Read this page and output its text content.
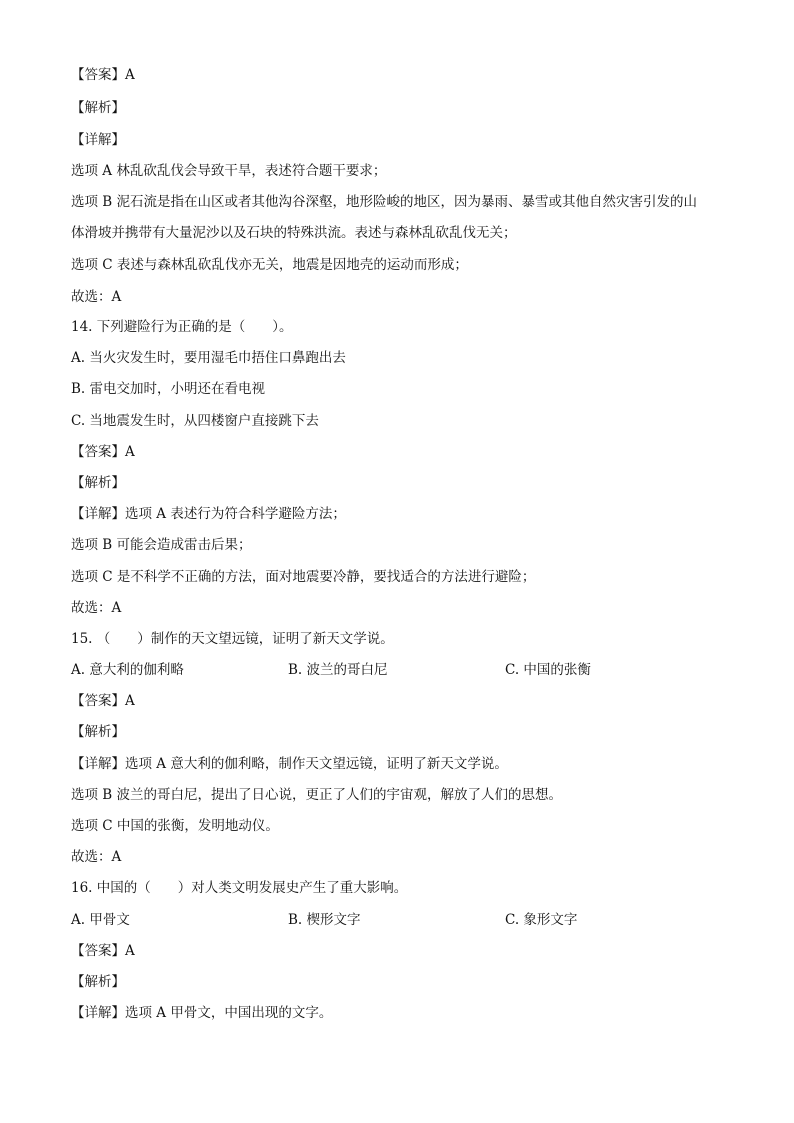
【答案】A
【解析】
【详解】
选项 A 林乱砍乱伐会导致干旱，表述符合题干要求；
选项 B 泥石流是指在山区或者其他沟谷深壑，地形险峻的地区，因为暴雨、暴雪或其他自然灾害引发的山
体滑坡并携带有大量泥沙以及石块的特殊洪流。表述与森林乱砍乱伐无关；
选项 C 表述与森林乱砍乱伐亦无关，地震是因地壳的运动而形成；
故选：A
14. 下列避险行为正确的是（　　）。
A. 当火灾发生时，要用湿毛巾捂住口鼻跑出去
B. 雷电交加时，小明还在看电视
C. 当地震发生时，从四楼窗户直接跳下去
【答案】A
【解析】
【详解】选项 A 表述行为符合科学避险方法；
选项 B 可能会造成雷击后果；
选项 C 是不科学不正确的方法，面对地震要冷静，要找适合的方法进行避险；
故选：A
15. （　　）制作的天文望远镜，证明了新天文学说。
A. 意大利的伽利略	B. 波兰的哥白尼	C. 中国的张衡
【答案】A
【解析】
【详解】选项 A 意大利的伽利略，制作天文望远镜，证明了新天文学说。
选项 B 波兰的哥白尼，提出了日心说，更正了人们的宇宙观，解放了人们的思想。
选项 C 中国的张衡，发明地动仪。
故选：A
16. 中国的（　　）对人类文明发展史产生了重大影响。
A. 甲骨文	B. 楔形文字	C. 象形文字
【答案】A
【解析】
【详解】选项 A 甲骨文，中国出现的文字。
